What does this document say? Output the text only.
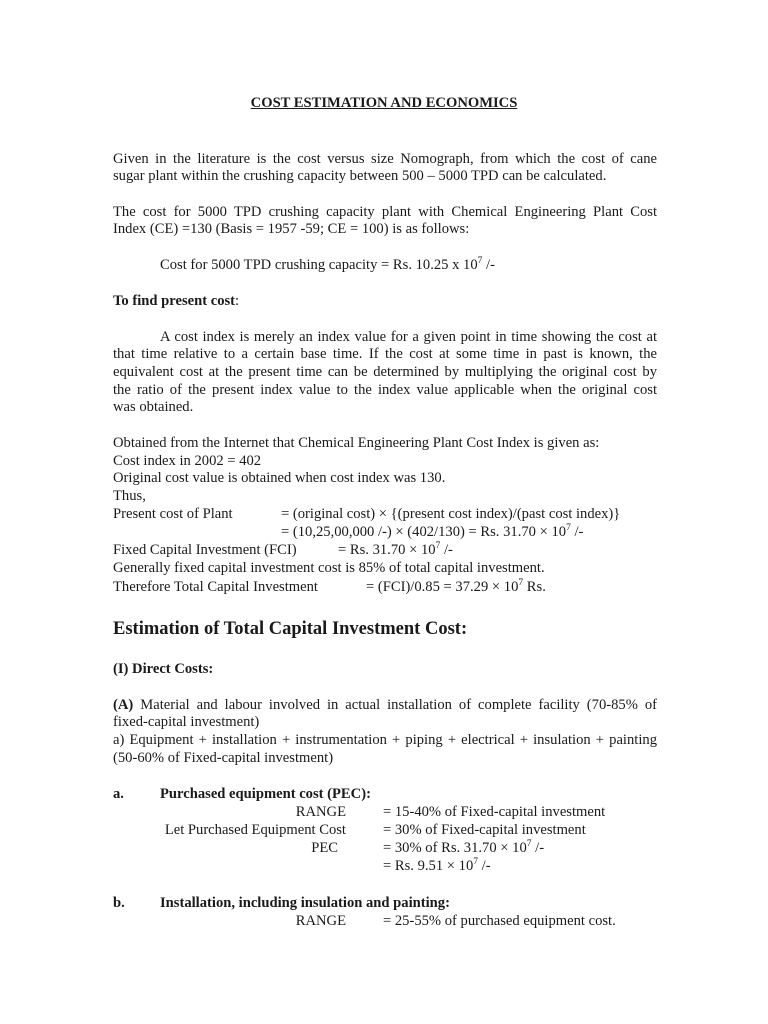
COST ESTIMATION AND ECONOMICS
Given in the literature is the cost versus size Nomograph, from which the cost of cane
sugar plant within the crushing capacity between 500 – 5000 TPD can be calculated.
The cost for 5000 TPD crushing capacity plant with Chemical Engineering Plant Cost
Index (CE) =130 (Basis = 1957 -59; CE = 100) is as follows:
Cost for 5000 TPD crushing capacity = Rs. 10.25 x $10^7$ /-
To find present cost:
A cost index is merely an index value for a given point in time showing the cost at
that time relative to a certain base time. If the cost at some time in past is known, the
equivalent cost at the present time can be determined by multiplying the original cost by
the ratio of the present index value to the index value applicable when the original cost
was obtained.
Obtained from the Internet that Chemical Engineering Plant Cost Index is given as:
Cost index in 2002 = 402
Original cost value is obtained when cost index was 130.
Thus,
Present cost of Plant	= (original cost) × {(present cost index)/(past cost index)}
= (10,25,00,000 /-) × (402/130) = Rs. $31.70 \times 10^7$ /-
Fixed Capital Investment (FCI)	= Rs. $31.70 \times 10^7$ /-
Generally fixed capital investment cost is 85% of total capital investment.
Therefore Total Capital Investment	= $(FCI)/0.85 = 37.29 \times 10^7$ Rs.
Estimation of Total Capital Investment Cost:
(I) Direct Costs:
(A) Material and labour involved in actual installation of complete facility (70-85% of
fixed-capital investment)
a) Equipment + installation + instrumentation + piping + electrical + insulation + painting
(50-60% of Fixed-capital investment)
a. Purchased equipment cost (PEC):
RANGE	= 15-40% of Fixed-capital investment
Let Purchased Equipment Cost	= 30% of Fixed-capital investment
PEC	= 30% of Rs. $31.70 \times 10^7$ /-
= Rs. $9.51 \times 10^7$ /-
b. Installation, including insulation and painting:
RANGE	= 25-55% of purchased equipment cost.
